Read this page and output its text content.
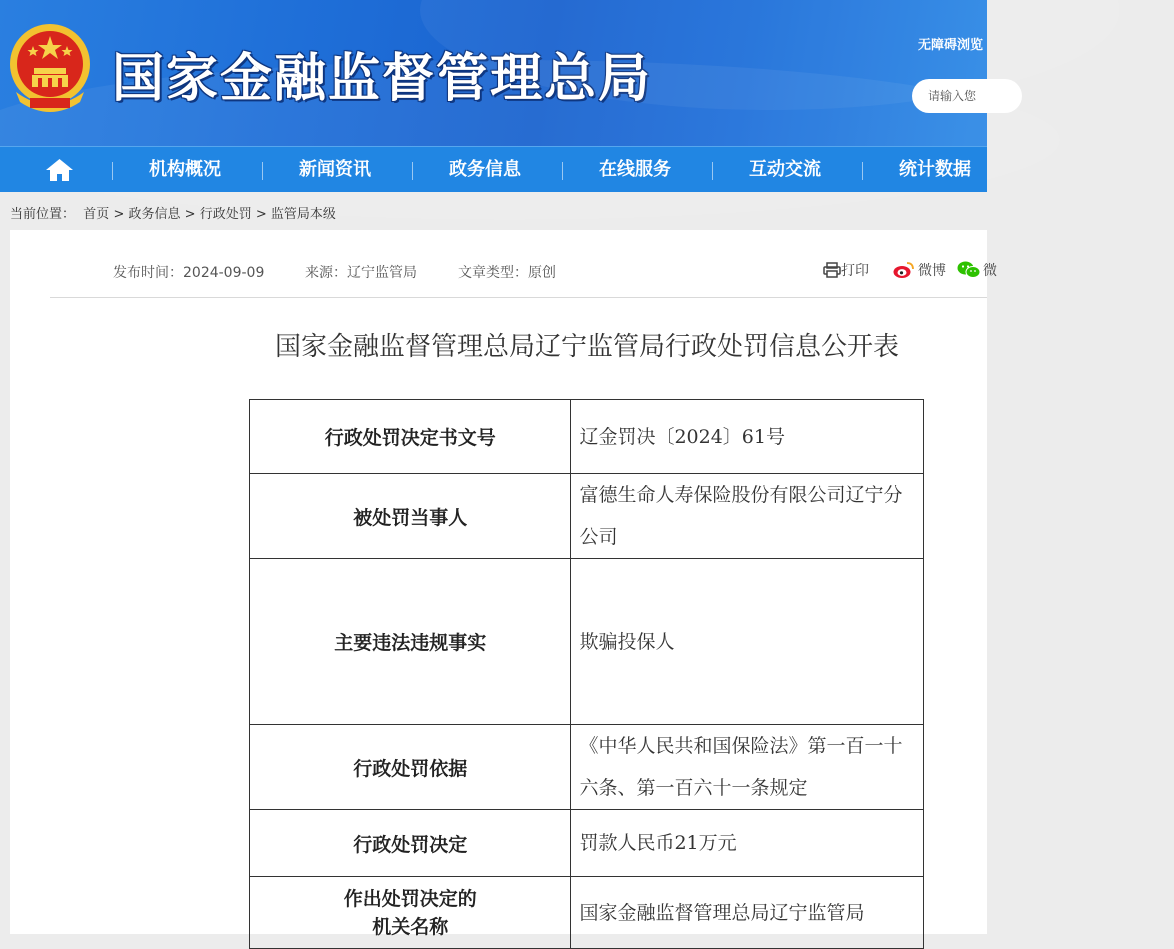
国家金融监督管理总局
无障碍浏览
请输入您
机构概况	新闻资讯	政务信息	在线服务	互动交流	统计数据
当前位置： 首页 > 政务信息 > 行政处罚 > 监管局本级
发布时间：2024-09-09	来源：辽宁监管局	文章类型：原创	打印	微博	微
国家金融监督管理总局辽宁监管局行政处罚信息公开表
行政处罚决定书文号	辽金罚决〔2024〕61号
被处罚当事人	富德生命人寿保险股份有限公司辽宁分公司
主要违法违规事实	欺骗投保人
行政处罚依据	《中华人民共和国保险法》第一百一十六条、第一百六十一条规定
行政处罚决定	罚款人民币21万元

作出处罚决定的
机关名称	国家金融监督管理总局辽宁监管局
